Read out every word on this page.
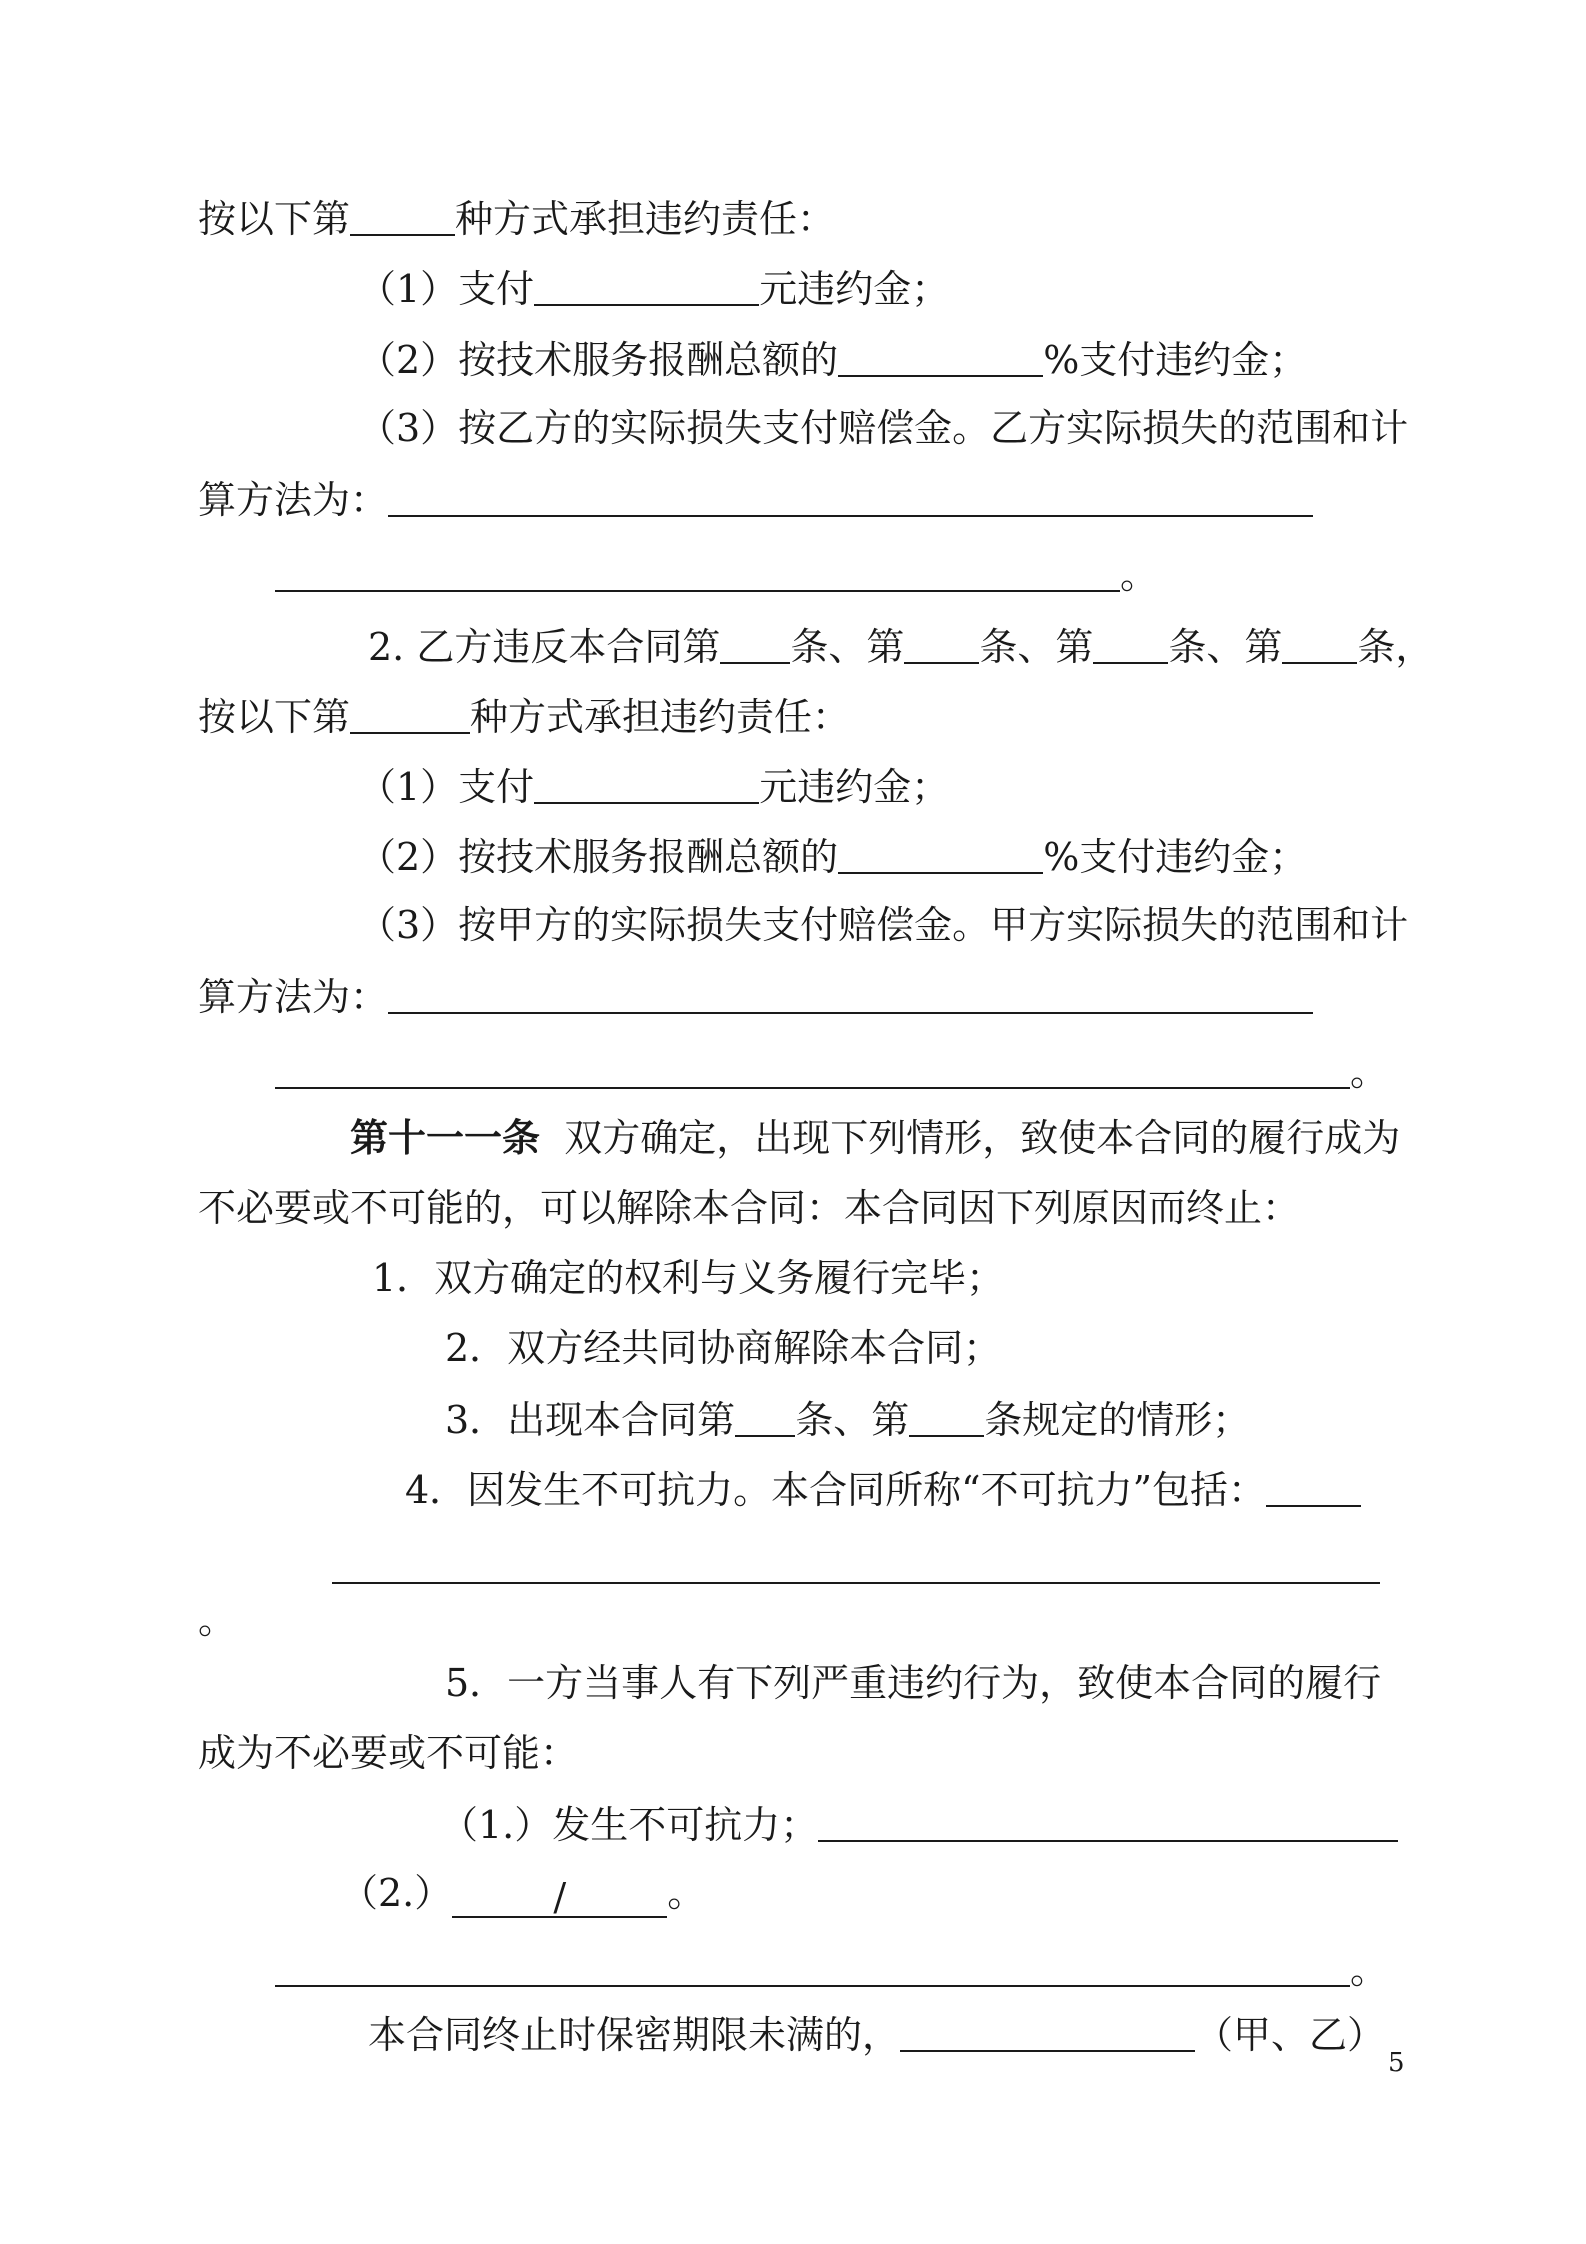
按以下第	种方式承担违约责任：
（1）支付	元违约金；
（2）按技术服务报酬总额的	%支付违约金；
（3）按乙方的实际损失支付赔偿金。乙方实际损失的范围和计
算方法为：
。
2. 乙方违反本合同第 条、第 条、第 条、第 条，
按以下第	种方式承担违约责任：
（1）支付	元违约金；
（2）按技术服务报酬总额的	%支付违约金；
（3）按甲方的实际损失支付赔偿金。甲方实际损失的范围和计
算方法为：
。
第十一一条 双方确定，出现下列情形，致使本合同的履行成为
不必要或不可能的，可以解除本合同：本合同因下列原因而终止：
1．双方确定的权利与义务履行完毕；
2．双方经共同协商解除本合同；
3．出现本合同第 条、第 条规定的情形；
4．因发生不可抗力。本合同所称“不可抗力”包括：
。
5．一方当事人有下列严重违约行为，致使本合同的履行
成为不必要或不可能：
（1.）发生不可抗力；
（2.）	/	。
。
本合同终止时保密期限未满的，	（甲、乙）
5
